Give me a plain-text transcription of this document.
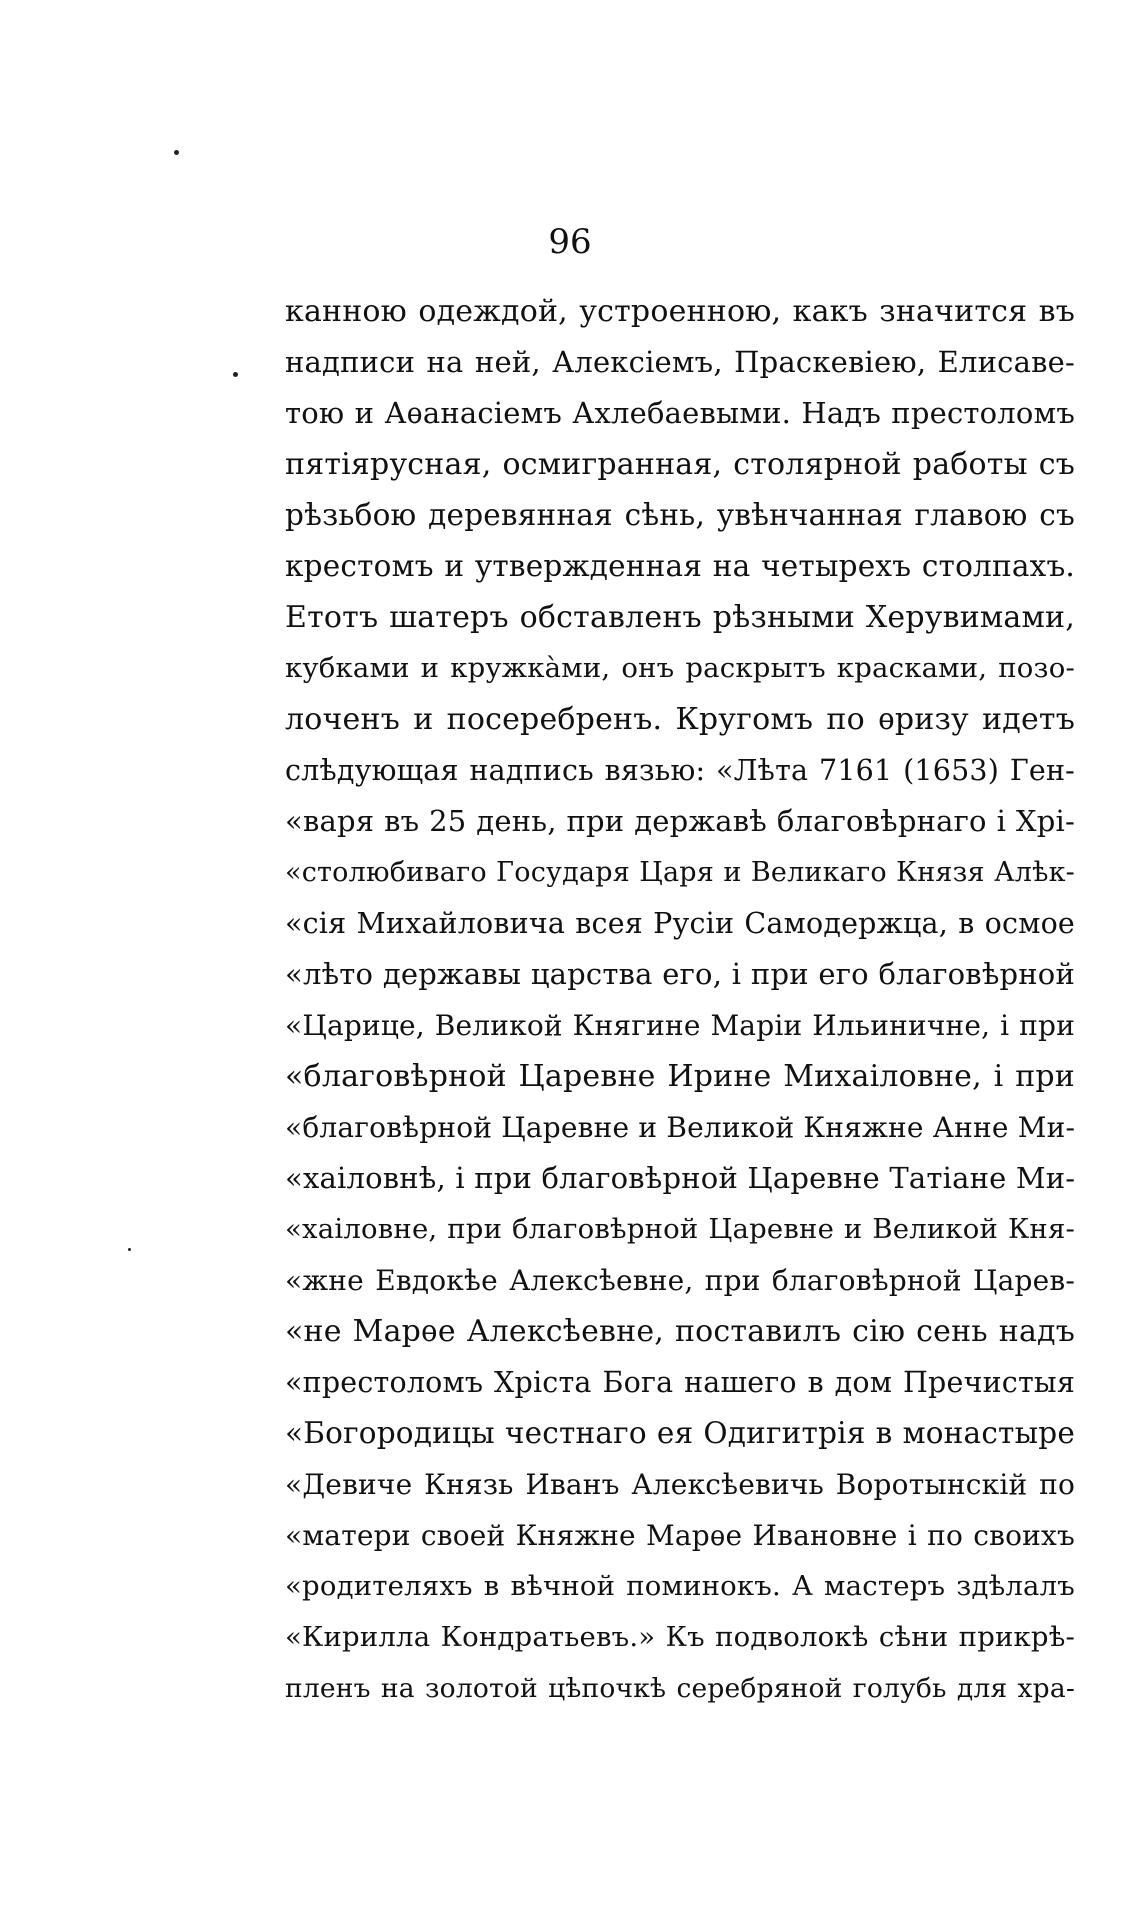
96
канною одеждой, устроенною, какъ значится въ
надписи на ней, Алексіемъ, Праскевіею, Елисаве-
тою и Аѳанасіемъ Ахлебаевыми. Надъ престоломъ
пятіярусная, осмигранная, столярной работы съ
рѣзьбою деревянная сѣнь, увѣнчанная главою съ
крестомъ и утвержденная на четырехъ столпахъ.
Етотъ шатеръ обставленъ рѣзными Херувимами,
кубками и кружкàми, онъ раскрытъ красками, позо-
лоченъ и посеребренъ. Кругомъ по ѳризу идетъ
слѣдующая надпись вязью: «Лѣта 7161 (1653) Ген-
«варя въ 25 день, при державѣ благовѣрнаго і Хрі-
«столюбиваго Государя Царя и Великаго Князя Алѣк-
«сія Михайловича всея Русіи Самодержца, в осмое
«лѣто державы царства его, і при его благовѣрной
«Царице, Великой Княгине Маріи Ильиничне, і при
«благовѣрной Царевне Ирине Михаіловне, і при
«благовѣрной Царевне и Великой Княжне Анне Ми-
«хаіловнѣ, і при благовѣрной Царевне Татіане Ми-
«хаіловне, при благовѣрной Царевне и Великой Кня-
«жне Евдокѣе Алексѣевне, при благовѣрной Царев-
«не Марѳе Алексѣевне, поставилъ сію сень надъ
«престоломъ Хріста Бога нашего в дом Пречистыя
«Богородицы честнаго ея Одигитрія в монастыре
«Девиче Князь Иванъ Алексѣевичь Воротынскій по
«матери своей Княжне Марѳе Ивановне і по своихъ
«родителяхъ в вѣчной поминокъ. А мастеръ здѣлалъ
«Кирилла Кондратьевъ.» Къ подволокѣ сѣни прикрѣ-
пленъ на золотой цѣпочкѣ серебряной голубь для хра-
